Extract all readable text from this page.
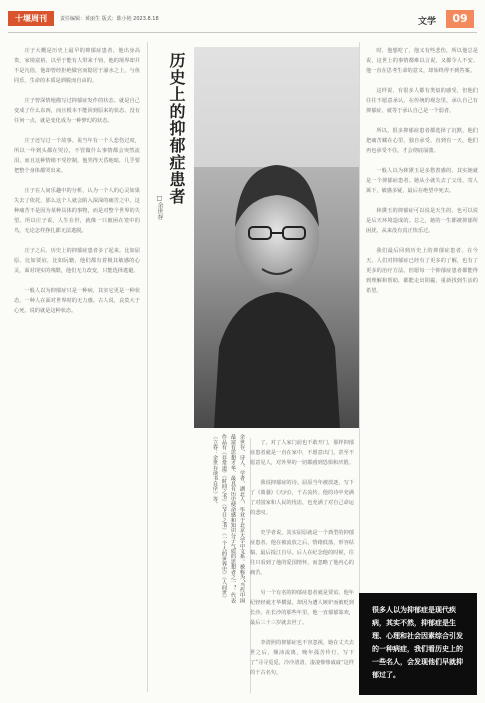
十堰周刊	责任编辑：黄丽生 版式：陈小艳 2023.8.18	文学	09

庄子大概是历史上最早的抑郁症患者。他出身高贵，家境富裕，以至于能有人带来千钧，他的境界却并不是凡俗，他却曾经拒绝做官而隐居于濠水之上，与鱼同乐，生命的本质是洒脱而自由的。

庄子曾深情地描写过抑郁症发作的状态。就是自己变成了什么东西，而且根本不能回到原来的状态。没有任何一点，就是变化成为一种梦幻的状态。

庄子还写过一个故事。说当年有一个人悲伤过度，所以一年到头都在哭泣，不管做什么事情都会突然流泪，而且这种情绪不受控制。他哭得天昏地暗，几乎要把整个身体都哭出来。

庄子在人间乐趣中的分析，认为一个人的心灵如果失去了依托，那么这个人就会陷入深深的痛苦之中。这种痛苦不是因为某种具体的事物，而是对整个世界的失望。所以庄子说，人生在世，就像一只被困在笼中的鸟，无论怎样挣扎都无法逃脱。

庄子之后，历史上的抑郁症患者多了起来。比如屈原、比如贾谊，比如阮籍，他们都有着极其敏感的心灵，面对现实的残酷，他们无力改变，只能选择逃避。

一般人以为抑郁症只是一种病，其实它更是一种状态，一种人在面对世界时的无力感。古人说，哀莫大于心死，说的就是这种状态。

历史上的抑郁症患者
□余世存
余世存，诗人、学者，湖北人，毕业于北京大学中文系。被称为“当代中国最富有思想才华、最具有历史使命感和知识分子气质的思想者之一”。代表作品有《非常道》《时间之书》《节日之书》《一个人的世界史》《人间世》《立春：余世存读书自序》等。	了，对了人家门前也不敢开门，那样抑郁症患者就是一直在家中，不愿意出门，甚至不愿意见人，对外界的一切都感到恐惧和厌倦。

我说抑郁症的诗。屈原当年被放逐，写下了《离骚》《天问》，千古流传。他的诗中充满了对国家和人民的忧虑，也充满了对自己命运的悲叹。

史学者说，其实屈原就是一个典型的抑郁症患者。他在被流放之后，情绪低落，形容枯槁，最后投江自尽。后人在纪念他的时候，往往只看到了他的爱国情怀，而忽略了他内心的痛苦。

另一个有名的抑郁症患者就是贾谊。他年纪轻轻就才华横溢，却因为遭人嫉妒而被贬到长沙。在长沙的那些年里，他一直郁郁寡欢，最后三十三岁就去世了。

李清照的抑郁症也不容忽视。她在丈夫去世之后，颠沛流离，晚年孤苦伶仃，写下了“寻寻觅觅，冷冷清清，凄凄惨惨戚戚”这样的千古名句。

时，他想吃了，他又有些悲伤，所以他总是说，这世上的事情都难以言说，又都令人不安。他一直在思考生命的意义，却始终得不到答案。

这样说，有很多人都有类似的感受，但他们往往不愿意承认。在传统的观念里，承认自己有抑郁症，就等于承认自己是一个弱者。

所以，很多抑郁症患者都选择了沉默，他们把痛苦藏在心里，独自承受。直到有一天，他们再也承受不住，才会彻底崩溃。

一般人以为林黛玉是多愁善感的，其实她就是一个抑郁症患者。她从小就失去了父母，寄人篱下，敏感多疑，最后在绝望中死去。

林黛玉的抑郁症可以说是天生的，也可以说是后天环境造成的。总之，她的一生都被抑郁所困扰，从来没有真正快乐过。

我们最后回到历史上的抑郁症患者。在今天，人们对抑郁症已经有了更多的了解，也有了更多的治疗方法。但愿每一个抑郁症患者都能得到理解和帮助，都能走出阴霾，重新找到生活的希望。

很多人以为抑郁症是现代疾病，其实不然，抑郁症是生理、心理和社会因素综合引发的一种病症，我们看历史上的一些名人，会发现他们早就抑郁过了。
